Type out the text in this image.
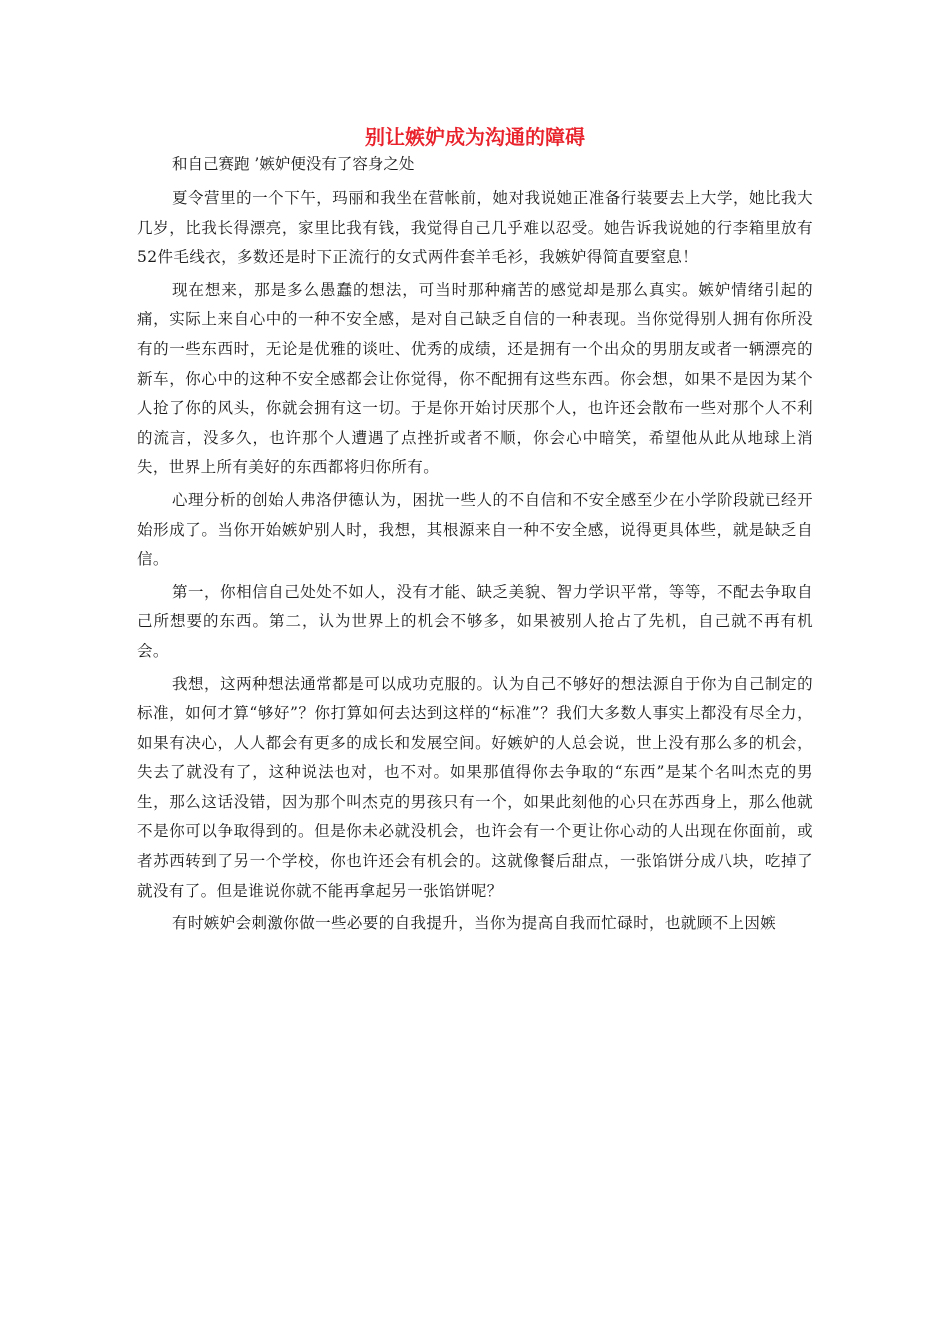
别让嫉妒成为沟通的障碍

和自己赛跑 ’嫉妒便没有了容身之处

夏令营里的一个下午，玛丽和我坐在营帐前，她对我说她正准备行装要去上大学，她比我大几岁，比我长得漂亮，家里比我有钱，我觉得自己几乎难以忍受。她告诉我说她的行李箱里放有52件毛线衣，多数还是时下正流行的女式两件套羊毛衫，我嫉妒得简直要窒息！

现在想来，那是多么愚蠢的想法，可当时那种痛苦的感觉却是那么真实。嫉妒情绪引起的痛，实际上来自心中的一种不安全感，是对自己缺乏自信的一种表现。当你觉得别人拥有你所没有的一些东西时，无论是优雅的谈吐、优秀的成绩，还是拥有一个出众的男朋友或者一辆漂亮的新车，你心中的这种不安全感都会让你觉得，你不配拥有这些东西。你会想，如果不是因为某个人抢了你的风头，你就会拥有这一切。于是你开始讨厌那个人，也许还会散布一些对那个人不利的流言，没多久，也许那个人遭遇了点挫折或者不顺，你会心中暗笑，希望他从此从地球上消失，世界上所有美好的东西都将归你所有。

心理分析的创始人弗洛伊德认为，困扰一些人的不自信和不安全感至少在小学阶段就已经开始形成了。当你开始嫉妒别人时，我想，其根源来自一种不安全感，说得更具体些，就是缺乏自信。

第一，你相信自己处处不如人，没有才能、缺乏美貌、智力学识平常，等等，不配去争取自己所想要的东西。第二，认为世界上的机会不够多，如果被别人抢占了先机，自己就不再有机会。

我想，这两种想法通常都是可以成功克服的。认为自己不够好的想法源自于你为自己制定的标准，如何才算“够好”？你打算如何去达到这样的“标准”？我们大多数人事实上都没有尽全力，如果有决心，人人都会有更多的成长和发展空间。好嫉妒的人总会说，世上没有那么多的机会，失去了就没有了，这种说法也对，也不对。如果那值得你去争取的“东西”是某个名叫杰克的男生，那么这话没错，因为那个叫杰克的男孩只有一个，如果此刻他的心只在苏西身上，那么他就不是你可以争取得到的。但是你未必就没机会，也许会有一个更让你心动的人出现在你面前，或者苏西转到了另一个学校，你也许还会有机会的。这就像餐后甜点，一张馅饼分成八块，吃掉了就没有了。但是谁说你就不能再拿起另一张馅饼呢？

有时嫉妒会刺激你做一些必要的自我提升，当你为提高自我而忙碌时，也就顾不上因嫉
